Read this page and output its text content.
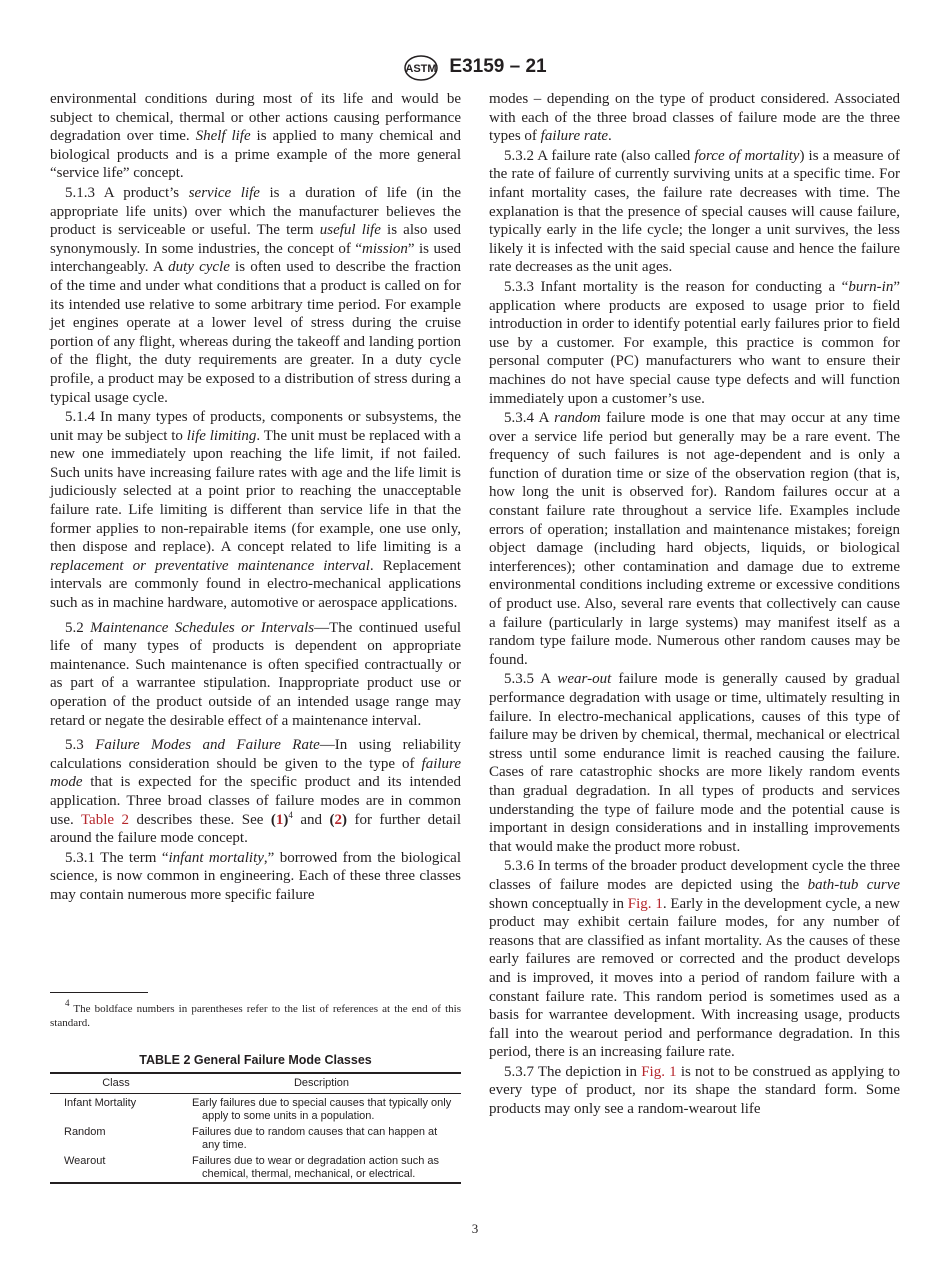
ASTM E3159 – 21

environmental conditions during most of its life and would be subject to chemical, thermal or other actions causing performance degradation over time. Shelf life is applied to many chemical and biological products and is a prime example of the more general “service life” concept.

5.1.3 A product’s service life is a duration of life (in the appropriate life units) over which the manufacturer believes the product is serviceable or useful. The term useful life is also used synonymously. In some industries, the concept of “mission” is used interchangeably. A duty cycle is often used to describe the fraction of the time and under what conditions that a product is called on for its intended use relative to some arbitrary time period. For example jet engines operate at a lower level of stress during the cruise portion of any flight, whereas during the takeoff and landing portion of the flight, the duty requirements are greater. In a duty cycle profile, a product may be exposed to a distribution of stress during a typical usage cycle.

5.1.4 In many types of products, components or subsystems, the unit may be subject to life limiting. The unit must be replaced with a new one immediately upon reaching the life limit, if not failed. Such units have increasing failure rates with age and the life limit is judiciously selected at a point prior to reaching the unacceptable failure rate. Life limiting is different than service life in that the former applies to non-repairable items (for example, one use only, then dispose and replace). A concept related to life limiting is a replacement or preventative maintenance interval. Replacement intervals are commonly found in electro-mechanical applications such as in machine hardware, automotive or aerospace applications.

5.2 Maintenance Schedules or Intervals—The continued useful life of many types of products is dependent on appropriate maintenance. Such maintenance is often specified contractually or as part of a warrantee stipulation. Inappropriate product use or operation of the product outside of an intended usage range may retard or negate the desirable effect of a maintenance interval.

5.3 Failure Modes and Failure Rate—In using reliability calculations consideration should be given to the type of failure mode that is expected for the specific product and its intended application. Three broad classes of failure modes are in common use. Table 2 describes these. See $(1)^4$ and (2) for further detail around the failure mode concept.

5.3.1 The term “infant mortality,” borrowed from the biological science, is now common in engineering. Each of these three classes may contain numerous more specific failure

modes – depending on the type of product considered. Associated with each of the three broad classes of failure mode are the three types of failure rate.

5.3.2 A failure rate (also called force of mortality) is a measure of the rate of failure of currently surviving units at a specific time. For infant mortality cases, the failure rate decreases with time. The explanation is that the presence of special causes will cause failure, typically early in the life cycle; the longer a unit survives, the less likely it is infected with the said special cause and hence the failure rate decreases as the unit ages.

5.3.3 Infant mortality is the reason for conducting a “burn-in” application where products are exposed to usage prior to field introduction in order to identify potential early failures prior to field use by a customer. For example, this practice is common for personal computer (PC) manufacturers who want to ensure their machines do not have special cause type defects and will function immediately upon a customer’s use.

5.3.4 A random failure mode is one that may occur at any time over a service life period but generally may be a rare event. The frequency of such failures is not age-dependent and is only a function of duration time or size of the observation region (that is, how long the unit is observed for). Random failures occur at a constant failure rate throughout a service life. Examples include errors of operation; installation and maintenance mistakes; foreign object damage (including hard objects, liquids, or biological interferences); other contamination and damage due to extreme environmental conditions including extreme or excessive conditions of product use. Also, several rare events that collectively can cause a failure (particularly in large systems) may manifest itself as a random type failure mode. Numerous other random causes may be found.

5.3.5 A wear-out failure mode is generally caused by gradual performance degradation with usage or time, ultimately resulting in failure. In electro-mechanical applications, causes of this type of failure may be driven by chemical, thermal, mechanical or electrical stress until some endurance limit is reached causing the failure. Cases of rare catastrophic shocks are more likely random events than gradual degradation. In all types of products and services understanding the type of failure mode and the potential cause is important in design considerations and in installing improvements that would make the product more robust.

5.3.6 In terms of the broader product development cycle the three classes of failure modes are depicted using the bath-tub curve shown conceptually in Fig. 1. Early in the development cycle, a new product may exhibit certain failure modes, for any number of reasons that are classified as infant mortality. As the causes of these early failures are removed or corrected and the product develops and is improved, it moves into a period of random failure with a constant failure rate. This random period is sometimes used as a basis for warrantee development. With increasing usage, products fall into the wearout period and performance degradation. In this period, there is an increasing failure rate.

5.3.7 The depiction in Fig. 1 is not to be construed as applying to every type of product, nor its shape the standard form. Some products may only see a random-wearout life

$^4$ The boldface numbers in parentheses refer to the list of references at the end of this standard.
TABLE 2 General Failure Mode Classes
Class	Description
Infant Mortality	Early failures due to special causes that typically only apply to some units in a population.
Random	Failures due to random causes that can happen at any time.
Wearout	Failures due to wear or degradation action such as chemical, thermal, mechanical, or electrical.
3
